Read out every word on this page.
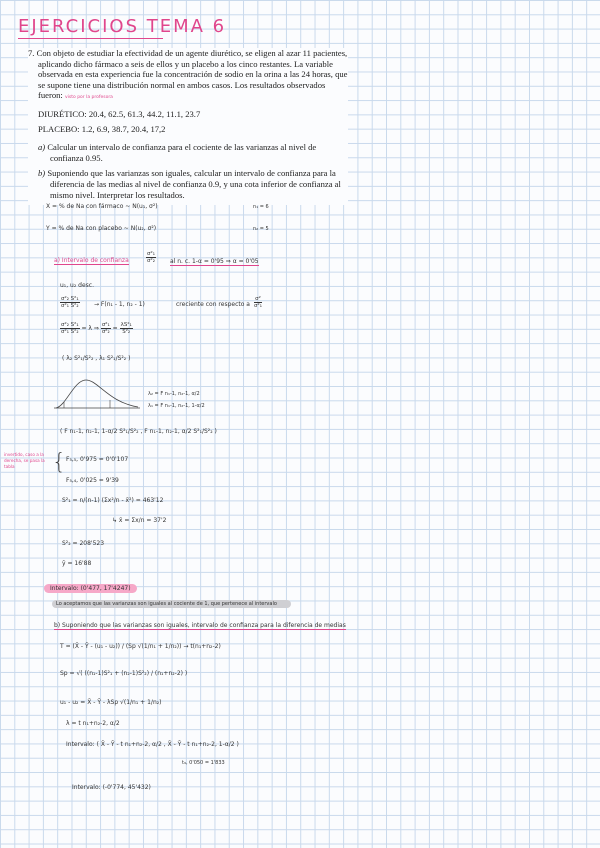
EJERCICIOS TEMA 6

7. Con objeto de estudiar la efectividad de un agente diurético, se eligen al azar 11 pacientes, aplicando dicho fármaco a seis de ellos y un placebo a los cinco restantes. La variable observada en esta experiencia fue la concentración de sodio en la orina a las 24 horas, que se supone tiene una distribución normal en ambos casos. Los resultados observados fueron: visto por la profesora

DIURÉTICO: 20.4, 62.5, 61.3, 44.2, 11.1, 23.7

PLACEBO: 1.2, 6.9, 38.7, 20.4, 17,2

a) Calcular un intervalo de confianza para el cociente de las varianzas al nivel de confianza 0.95.

b) Suponiendo que las varianzas son iguales, calcular un intervalo de confianza para la diferencia de las medias al nivel de confianza 0.9, y una cota inferior de confianza al mismo nivel. Interpretar los resultados.

X = % de Na con fármaco ~ N(u₁, σ²)	n₁ = 6
Y = % de Na con placebo ~ N(u₂, σ²)	n₂ = 5
a) Intervalo de confianza	$\frac{\text{σ²₁}}{\text{σ²₂}}$ al n. c. 1-α = 0'95 ⇒ α = 0'05
u₁, u₂ desc.
$\frac{\text{σ²₂ S²₁}}{\text{σ²₁ S²₂}} \to F(n_1 - 1$, n₂ - 1)	creciente con respecto a $\frac{\text{σ²}}{\text{σ²₁}}$
$\frac{\text{σ²₂ S²₁}}{\text{σ²₁ S²₂}} = \lambda$ ⇒ $\frac{\text{σ²₁}}{\text{σ²₂}} = \frac{\text{λS²₁}}{\text{S²₂}}$
( λ₂ S²₁/S²₂ , λ₁ S²₁/S²₂ )
λ₂ = F n₁-1, n₂-1, α/2
λ₁ = F n₁-1, n₂-1, 1-α/2
( F n₁-1, n₂-1, 1-α/2 S²₁/S²₂ , F n₁-1, n₂-1, α/2 S²₁/S²₂ )
invertido, caso a la derecha, se pasa la tabla	{ F₅,₅, 0'975 = 0'0'107
F₅,₄, 0'025 = 9'39
S²₁ = n/(n-1) (Σx²/n - x̄²) = 463'12
↳ x̄ = Σx/n = 37'2
S²₂ = 208'523
ȳ = 16'88
Intervalo: (0'477, 17'4247)
Lo aceptamos que las varianzas son iguales al cociente de 1, que pertenece al intervalo
b) Suponiendo que las varianzas son iguales, intervalo de confianza para la diferencia de medias
T = (X̄ - Ȳ - (u₁ - u₂)) / (Sp √(1/n₁ + 1/n₂)) → t(n₁+n₂-2)
Sp = √( ((n₁-1)S²₁ + (n₂-1)S²₂) / (n₁+n₂-2) )
u₁ - u₂ = X̄ - Ȳ - λSp √(1/n₁ + 1/n₂)
λ = t n₁+n₂-2, α/2
Intervalo: ( X̄ - Ȳ - t n₁+n₂-2, α/2 , X̄ - Ȳ - t n₁+n₂-2, 1-α/2 )
t₉, 0'050 = 1'833
Intervalo: (-0'774, 45'432)
